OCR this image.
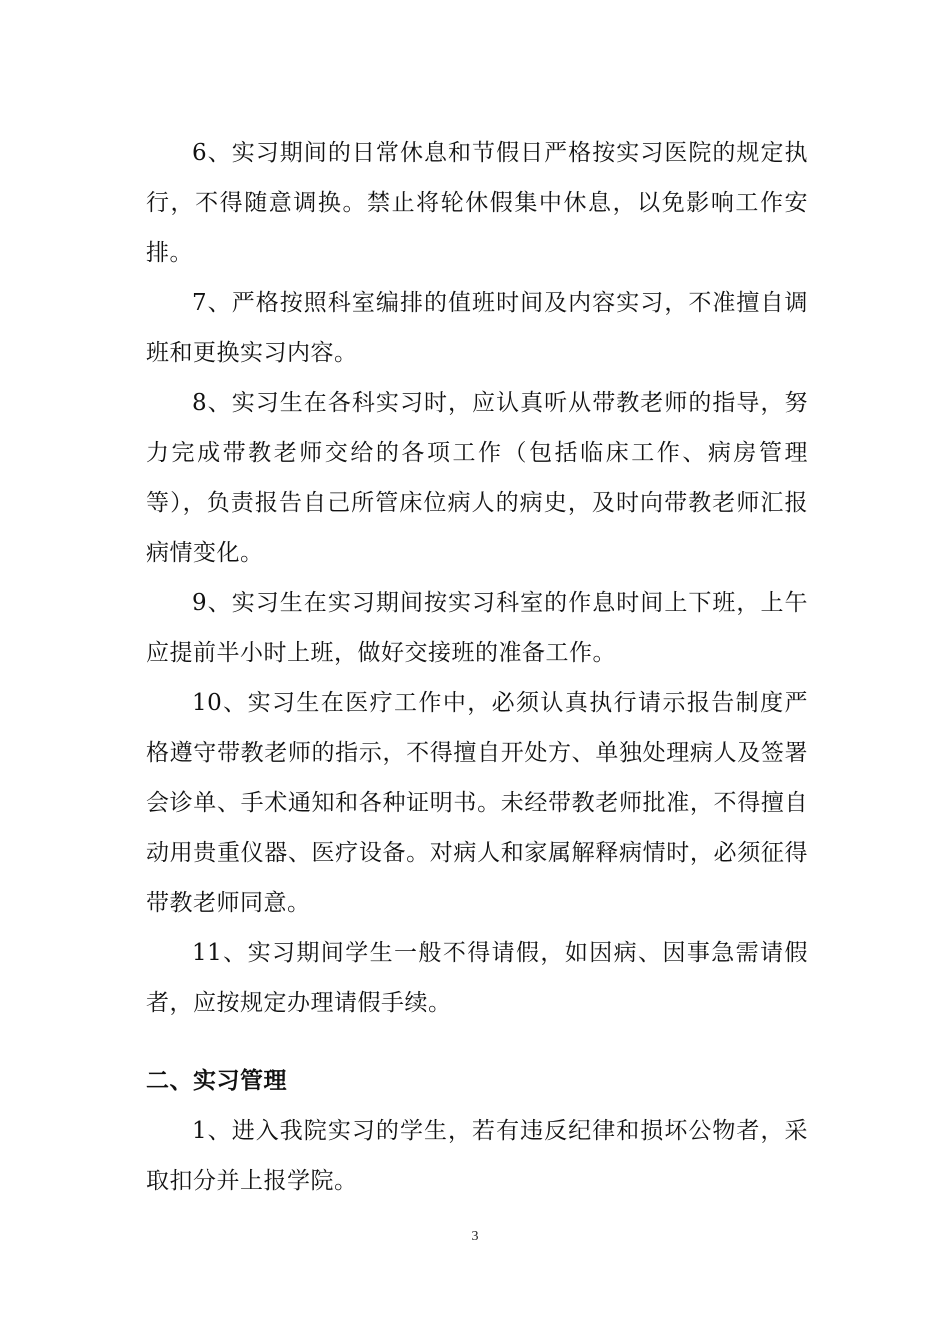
6、实习期间的日常休息和节假日严格按实习医院的规定执行，不得随意调换。禁止将轮休假集中休息，以免影响工作安排。

7、严格按照科室编排的值班时间及内容实习，不准擅自调班和更换实习内容。

8、实习生在各科实习时，应认真听从带教老师的指导，努力完成带教老师交给的各项工作（包括临床工作、病房管理等），负责报告自己所管床位病人的病史，及时向带教老师汇报病情变化。

9、实习生在实习期间按实习科室的作息时间上下班，上午应提前半小时上班，做好交接班的准备工作。

10、实习生在医疗工作中，必须认真执行请示报告制度严格遵守带教老师的指示，不得擅自开处方、单独处理病人及签署会诊单、手术通知和各种证明书。未经带教老师批准，不得擅自动用贵重仪器、医疗设备。对病人和家属解释病情时，必须征得带教老师同意。

11、实习期间学生一般不得请假，如因病、因事急需请假者，应按规定办理请假手续。

二、实习管理

1、进入我院实习的学生，若有违反纪律和损坏公物者，采取扣分并上报学院。

3
